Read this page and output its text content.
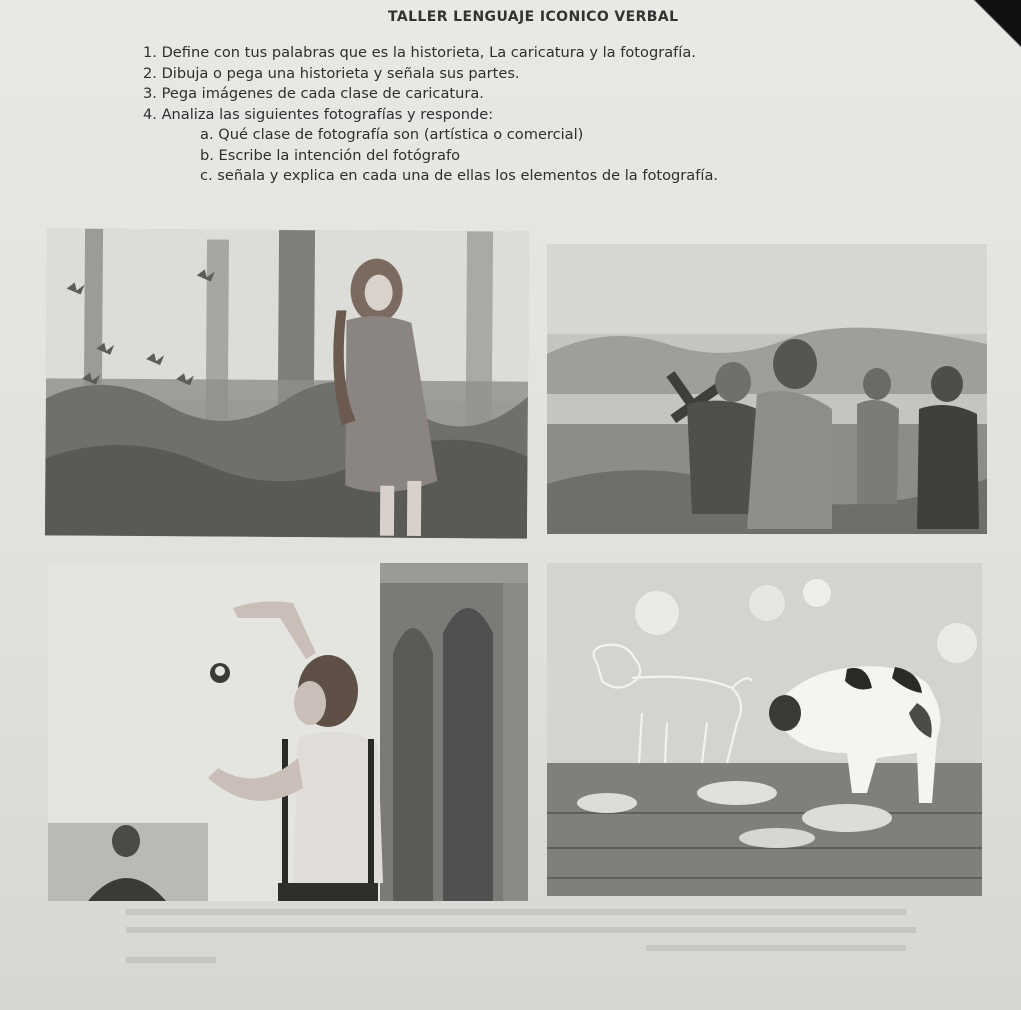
TALLER LENGUAJE ICONICO VERBAL

1. Define con tus palabras que es la historieta, La caricatura y la fotografía.

2. Dibuja o pega una historieta y señala sus partes.

3. Pega imágenes de cada clase de caricatura.

4. Analiza las siguientes fotografías y responde:

a. Qué clase de fotografía son (artística o comercial)

b. Escribe la intención del fotógrafo

c. señala y explica en cada una de ellas los elementos de la fotografía.
